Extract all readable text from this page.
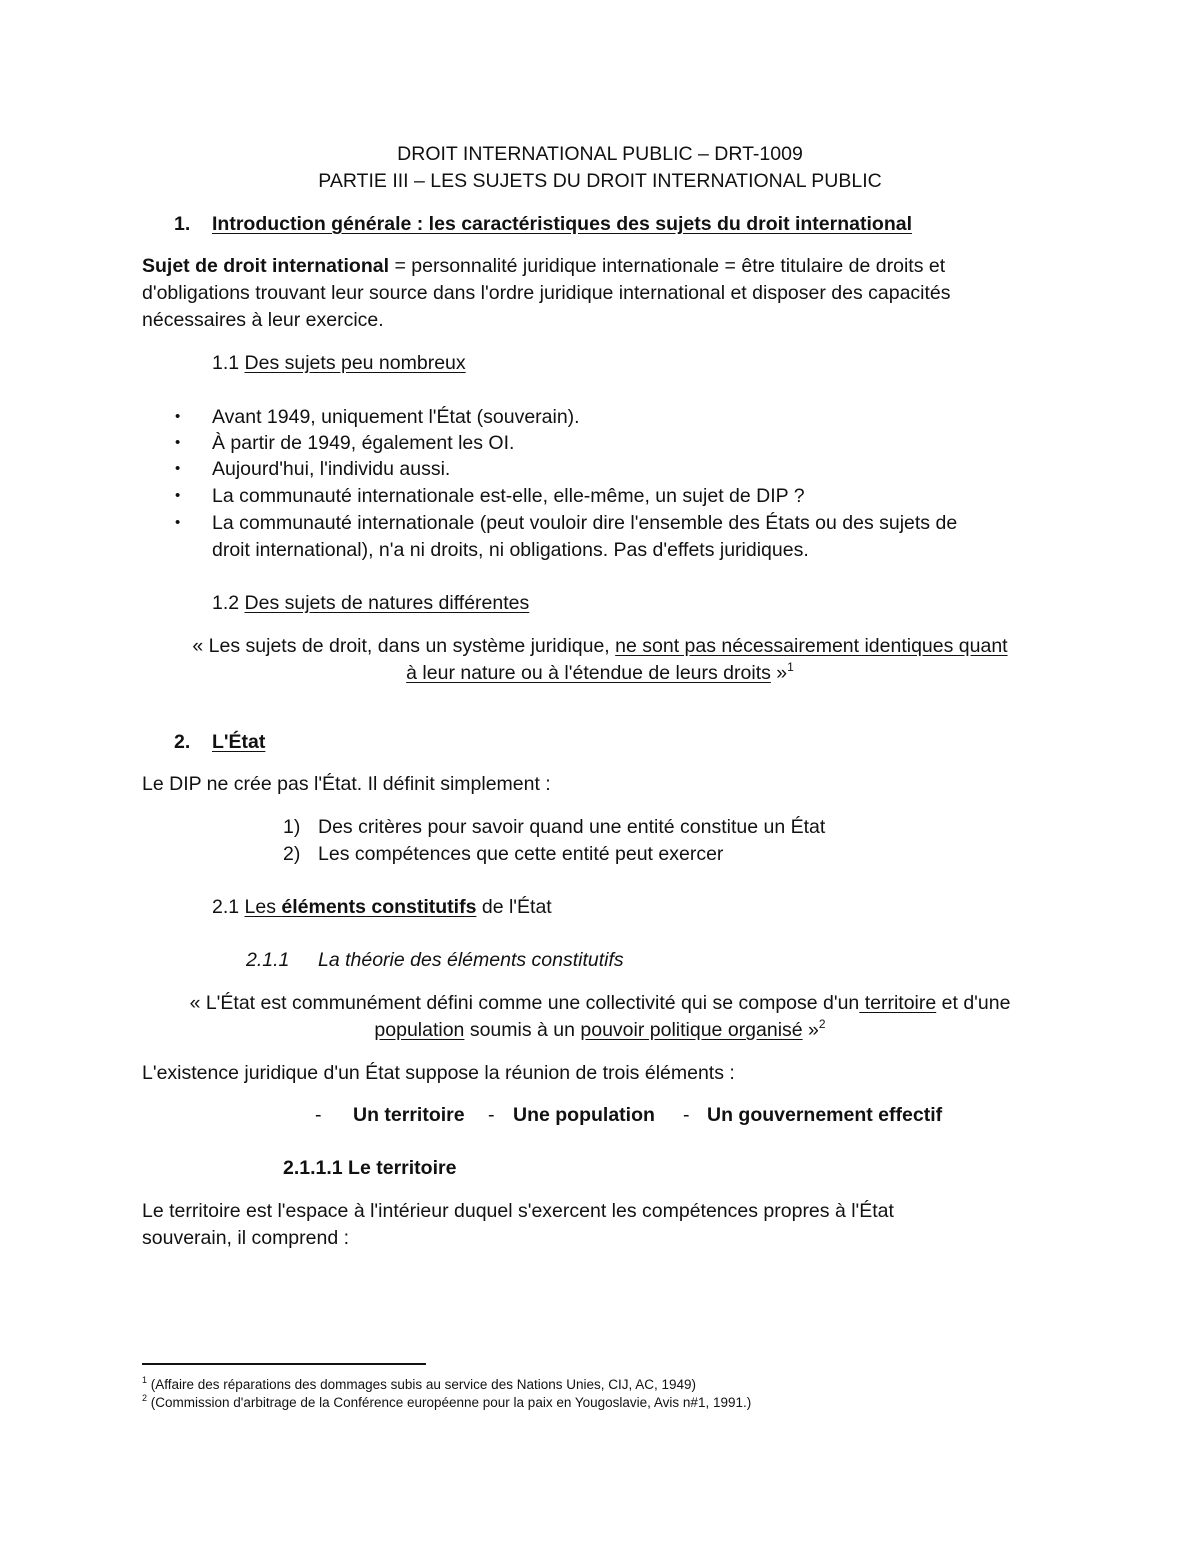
DROIT INTERNATIONAL PUBLIC – DRT-1009
PARTIE III – LES SUJETS DU DROIT INTERNATIONAL PUBLIC
1. Introduction générale : les caractéristiques des sujets du droit international
Sujet de droit international = personnalité juridique internationale = être titulaire de droits et
d'obligations trouvant leur source dans l'ordre juridique international et disposer des capacités
nécessaires à leur exercice.
1.1 Des sujets peu nombreux
• Avant 1949, uniquement l'État (souverain).
• À partir de 1949, également les OI.
• Aujourd'hui, l'individu aussi.
• La communauté internationale est-elle, elle-même, un sujet de DIP ?
• La communauté internationale (peut vouloir dire l'ensemble des États ou des sujets de
droit international), n'a ni droits, ni obligations. Pas d'effets juridiques.
1.2 Des sujets de natures différentes
« Les sujets de droit, dans un système juridique, ne sont pas nécessairement identiques quant
à leur nature ou à l'étendue de leurs droits »$^1$
2. L'État
Le DIP ne crée pas l'État. Il définit simplement :
1) Des critères pour savoir quand une entité constitue un État
2) Les compétences que cette entité peut exercer
2.1 Les éléments constitutifs de l'État
2.1.1 La théorie des éléments constitutifs
« L'État est communément défini comme une collectivité qui se compose d'un territoire et d'une
population soumis à un pouvoir politique organisé »$^2$
L'existence juridique d'un État suppose la réunion de trois éléments :
- Un territoire - Une population - Un gouvernement effectif
2.1.1.1 Le territoire
Le territoire est l'espace à l'intérieur duquel s'exercent les compétences propres à l'État
souverain, il comprend :
$^1$ (Affaire des réparations des dommages subis au service des Nations Unies, CIJ, AC, 1949)
$^2$ (Commission d'arbitrage de la Conférence européenne pour la paix en Yougoslavie, Avis n#1, 1991.)
